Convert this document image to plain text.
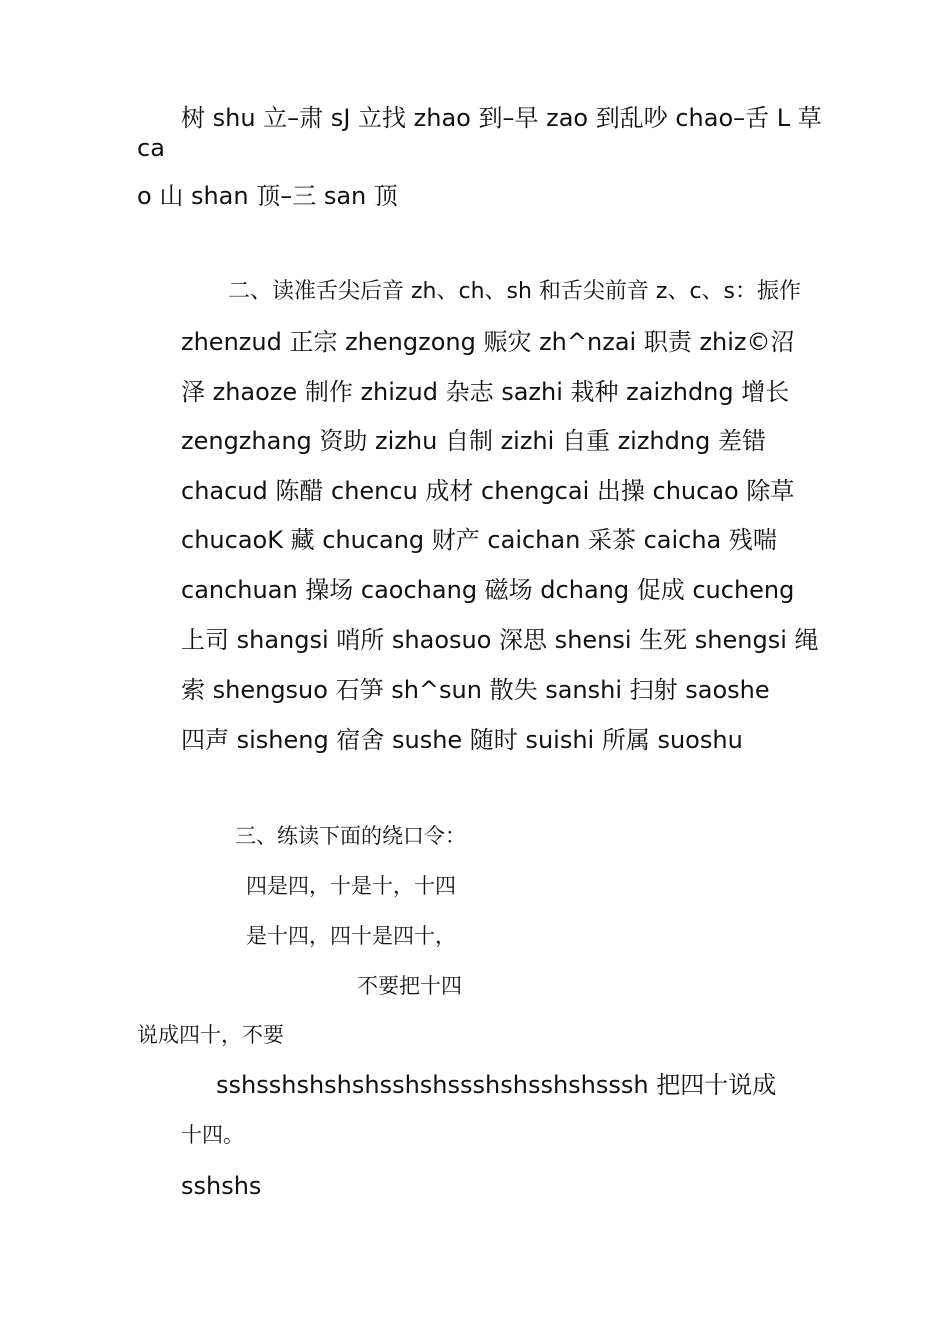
树 shu 立–肃 sJ 立找 zhao 到–早 zao 到乱吵 chao–舌 L 草
ca
o 山 shan 顶–三 san 顶
二、读准舌尖后音 zh、ch、sh 和舌尖前音 z、c、s：振作
zhenzud 正宗 zhengzong 赈灾 zh^nzai 职责 zhiz©沼
泽 zhaoze 制作 zhizud 杂志 sazhi 栽种 zaizhdng 增长
zengzhang 资助 zizhu 自制 zizhi 自重 zizhdng 差错
chacud 陈醋 chencu 成材 chengcai 出操 chucao 除草
chucaoK 藏 chucang 财产 caichan 采茶 caicha 残喘
canchuan 操场 caochang 磁场 dchang 促成 cucheng
上司 shangsi 哨所 shaosuo 深思 shensi 生死 shengsi 绳
索 shengsuo 石笋 sh^sun 散失 sanshi 扫射 saoshe
四声 sisheng 宿舍 sushe 随时 suishi 所属 suoshu
三、练读下面的绕口令：
四是四，十是十，十四
是十四，四十是四十，
不要把十四
说成四十，不要
sshsshshshshsshshssshshsshshsssh 把四十说成
十四。
sshshs
